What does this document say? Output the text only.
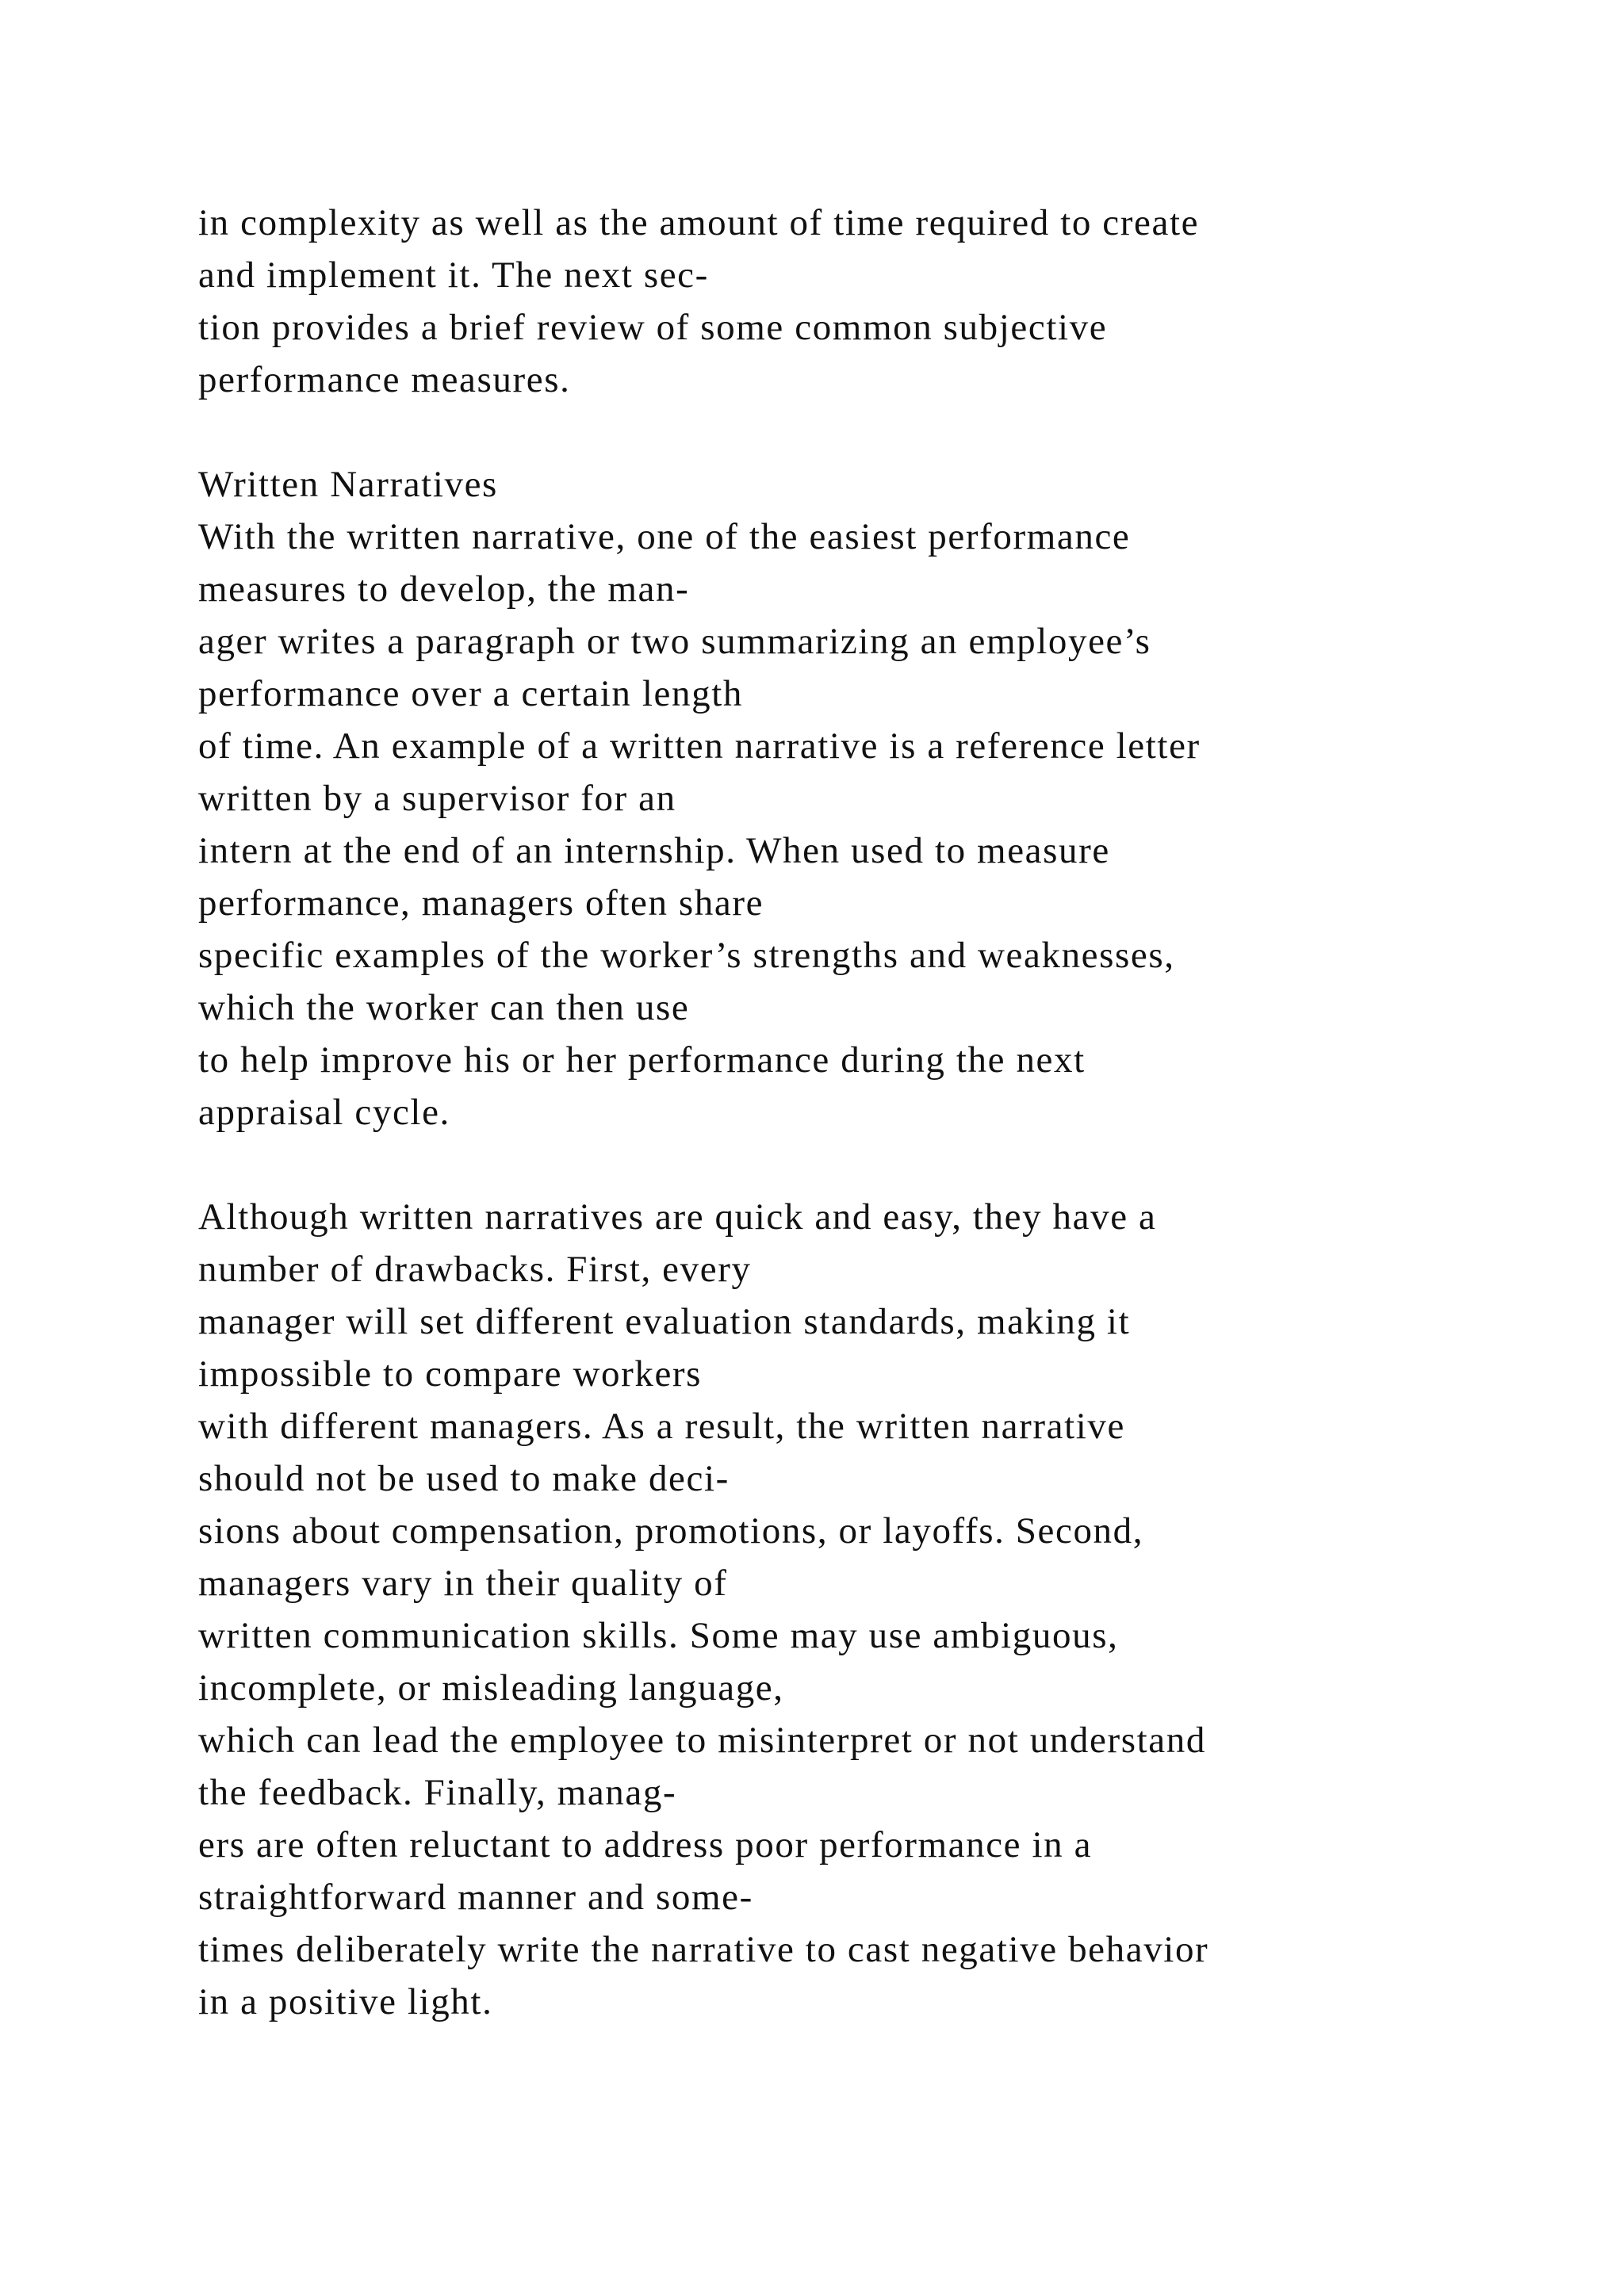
in complexity as well as the amount of time required to create
and implement it. The next sec-
tion provides a brief review of some common subjective
performance measures.
Written Narratives
With the written narrative, one of the easiest performance
measures to develop, the man-
ager writes a paragraph or two summarizing an employee’s
performance over a certain length
of time. An example of a written narrative is a reference letter
written by a supervisor for an
intern at the end of an internship. When used to measure
performance, managers often share
specific examples of the worker’s strengths and weaknesses,
which the worker can then use
to help improve his or her performance during the next
appraisal cycle.
Although written narratives are quick and easy, they have a
number of drawbacks. First, every
manager will set different evaluation standards, making it
impossible to compare workers
with different managers. As a result, the written narrative
should not be used to make deci-
sions about compensation, promotions, or layoffs. Second,
managers vary in their quality of
written communication skills. Some may use ambiguous,
incomplete, or misleading language,
which can lead the employee to misinterpret or not understand
the feedback. Finally, manag-
ers are often reluctant to address poor performance in a
straightforward manner and some-
times deliberately write the narrative to cast negative behavior
in a positive light.
